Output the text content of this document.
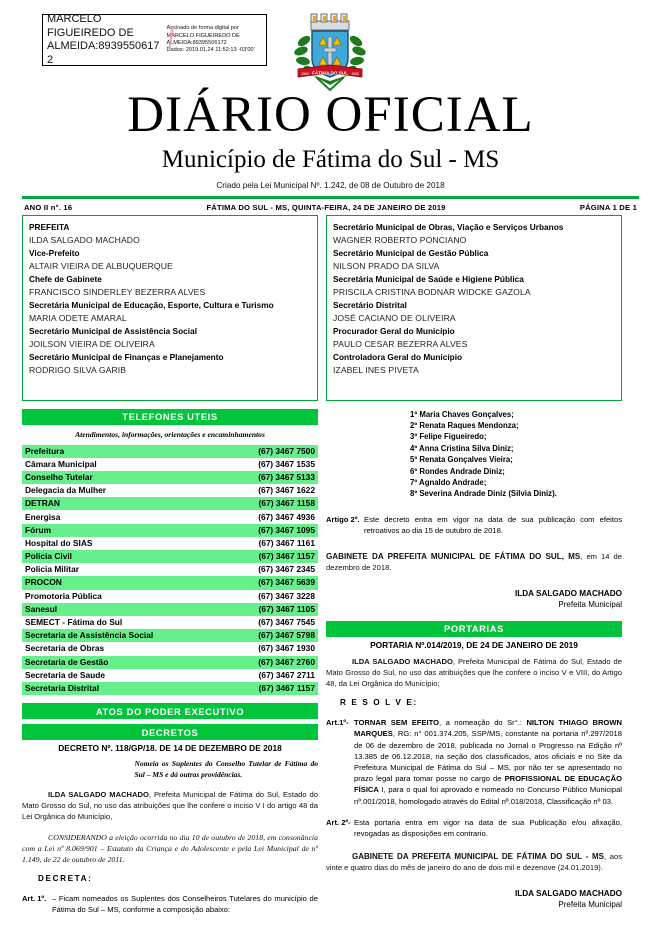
MARCELO FIGUEIREDO DE ALMEIDA:89395506172
Assinado de forma digital por
MARCELO FIGUEIREDO DE
ALMEIDA:89395506172
Dados: 2019.01.24 11:52:13 -03'00'
ƒ
FÁTIMA DO SUL
1963	1963
DIÁRIO OFICIAL
Município de Fátima do Sul - MS

Criado pela Lei Municipal Nº. 1.242, de 08 de Outubro de 2018

ANO II n°. 16	FÁTIMA DO SUL - MS, QUINTA-FEIRA, 24 DE JANEIRO DE 2019	PÁGINA 1 DE 1
PREFEITA
ILDA SALGADO MACHADO
Vice-Prefeito
ALTAIR VIEIRA DE ALBUQUERQUE
Chefe de Gabinete
FRANCISCO SINDERLEY BEZERRA ALVES
Secretária Municipal de Educação, Esporte, Cultura e Turismo
MARIA ODETE AMARAL
Secretário Municipal de Assistência Social
JOILSON VIEIRA DE OLIVEIRA
Secretário Municipal de Finanças e Planejamento
RODRIGO SILVA GARIB
TELEFONES UTEIS
Atendimentos, informações, orientações e encaminhamentos
Prefeitura	(67) 3467 7500
Câmara Municipal	(67) 3467 1535
Conselho Tutelar	(67) 3467 5133
Delegacia da Mulher	(67) 3467 1622
DETRAN	(67) 3467 1158
Energisa	(67) 3467 4936
Fórum	(67) 3467 1095
Hospital do SIAS	(67) 3467 1161
Policia Civil	(67) 3467 1157
Policia Militar	(67) 3467 2345
PROCON	(67) 3467 5639
Promotoria Pública	(67) 3467 3228
Sanesul	(67) 3467 1105
SEMECT - Fátima do Sul	(67) 3467 7545
Secretaria de Assistência Social	(67) 3467 5798
Secretaria de Obras	(67) 3467 1930
Secretaria de Gestão	(67) 3467 2760
Secretaria de Saude	(67) 3467 2711
Secretaria Distrital	(67) 3467 1157
ATOS DO PODER EXECUTIVO
DECRETOS
DECRETO Nº. 118/GP/18. DE 14 DE DEZEMBRO DE 2018
Nomeia os Suplentes do Conselho Tutelar de Fátima do Sul – MS e dá outras providências.
ILDA SALGADO MACHADO, Prefeita Municipal de Fátima do Sul, Estado do Mato Grosso do Sul, no uso das atribuições que lhe confere o inciso V I do artigo 48 da Lei Orgânica do Município,
CONSIDERANDO a eleição ocorrida no dia 10 de outubro de 2018, em consonância com a Lei nº 8.069/901 – Estatuto da Criança e do Adolescente e pela Lei Municipal de nº 1.149, de 22 de outubro de 2011.
DECRETA:
Art. 1º. – Ficam nomeados os Suplentes dos Conselheiros Tutelares do município de Fátima do Sul – MS, conforme a composição abaixo:
Secretário Municipal de Obras, Viação e Serviços Urbanos
WAGNER ROBERTO PONCIANO
Secretário Municipal de Gestão Pública
NILSON PRADO DA SILVA
Secretária Municipal de Saúde e Higiene Pública
PRISCILA CRISTINA BODNAR WIDCKE GAZOLA
Secretário Distrital
JOSÉ CACIANO DE OLIVEIRA
Procurador Geral do Município
PAULO CESAR BEZERRA ALVES
Controladora Geral do Município
IZABEL INES PIVETA
1º Maria Chaves Gonçalves;
2º Renata Raques Mendonza;
3º Felipe Figueiredo;
4º Anna Cristina Silva Diniz;
5º Renata Gonçalves Vieira;
6º Rondes Andrade Diniz;
7º Agnaldo Andrade;
8º Severina Andrade Diniz (Silvia Diniz).
Artigo 2º. Este decreto entra em vigor na data de sua publicação com efeitos retroativos ao dia 15 de outubro de 2018.
GABINETE DA PREFEITA MUNICIPAL DE FÁTIMA DO SUL, MS, em 14 de dezembro de 2018.
ILDA SALGADO MACHADO
Prefeita Municipal
PORTARIAS
PORTARIA Nº.014/2019, DE 24 DE JANEIRO DE 2019
ILDA SALGADO MACHADO, Prefeita Municipal de Fátima do Sul, Estado de Mato Grosso do Sul, no uso das atribuições que lhe confere o inciso V e VIII, do Artigo 48, da Lei Orgânica do Município;
R E S O L V E:
Art.1º- TORNAR SEM EFEITO, a nomeação do Sr°.: NILTON THIAGO BROWN MARQUES, RG: n° 001.374.205, SSP/MS, constante na portaria nº.297/2018 de 06 de dezembro de 2018, publicada no Jornal o Progresso na Edição nº 13.385 de 06.12.2018, na seção dos classificados, atos oficiais e no Site da Prefeitura Municipal de Fátima do Sul – MS, por não ter se apresentado no prazo legal para tomar posse no cargo de PROFISSIONAL DE EDUCAÇÃO FÍSICA I, para o qual foi aprovado e nomeado no Concurso Público Municipal nº.001/2018, homologado através do Edital nº.018/2018, Classificação nº 03.
Art. 2º- Esta portaria entra em vigor na data de sua Publicação e/ou afixação, revogadas as disposições em contrario.
GABINETE DA PREFEITA MUNICIPAL DE FÁTIMA DO SUL - MS, aos vinte e quatro dias do mês de janeiro do ano de dois mil e dezenove (24.01.2019).
ILDA SALGADO MACHADO
Prefeita Municipal
